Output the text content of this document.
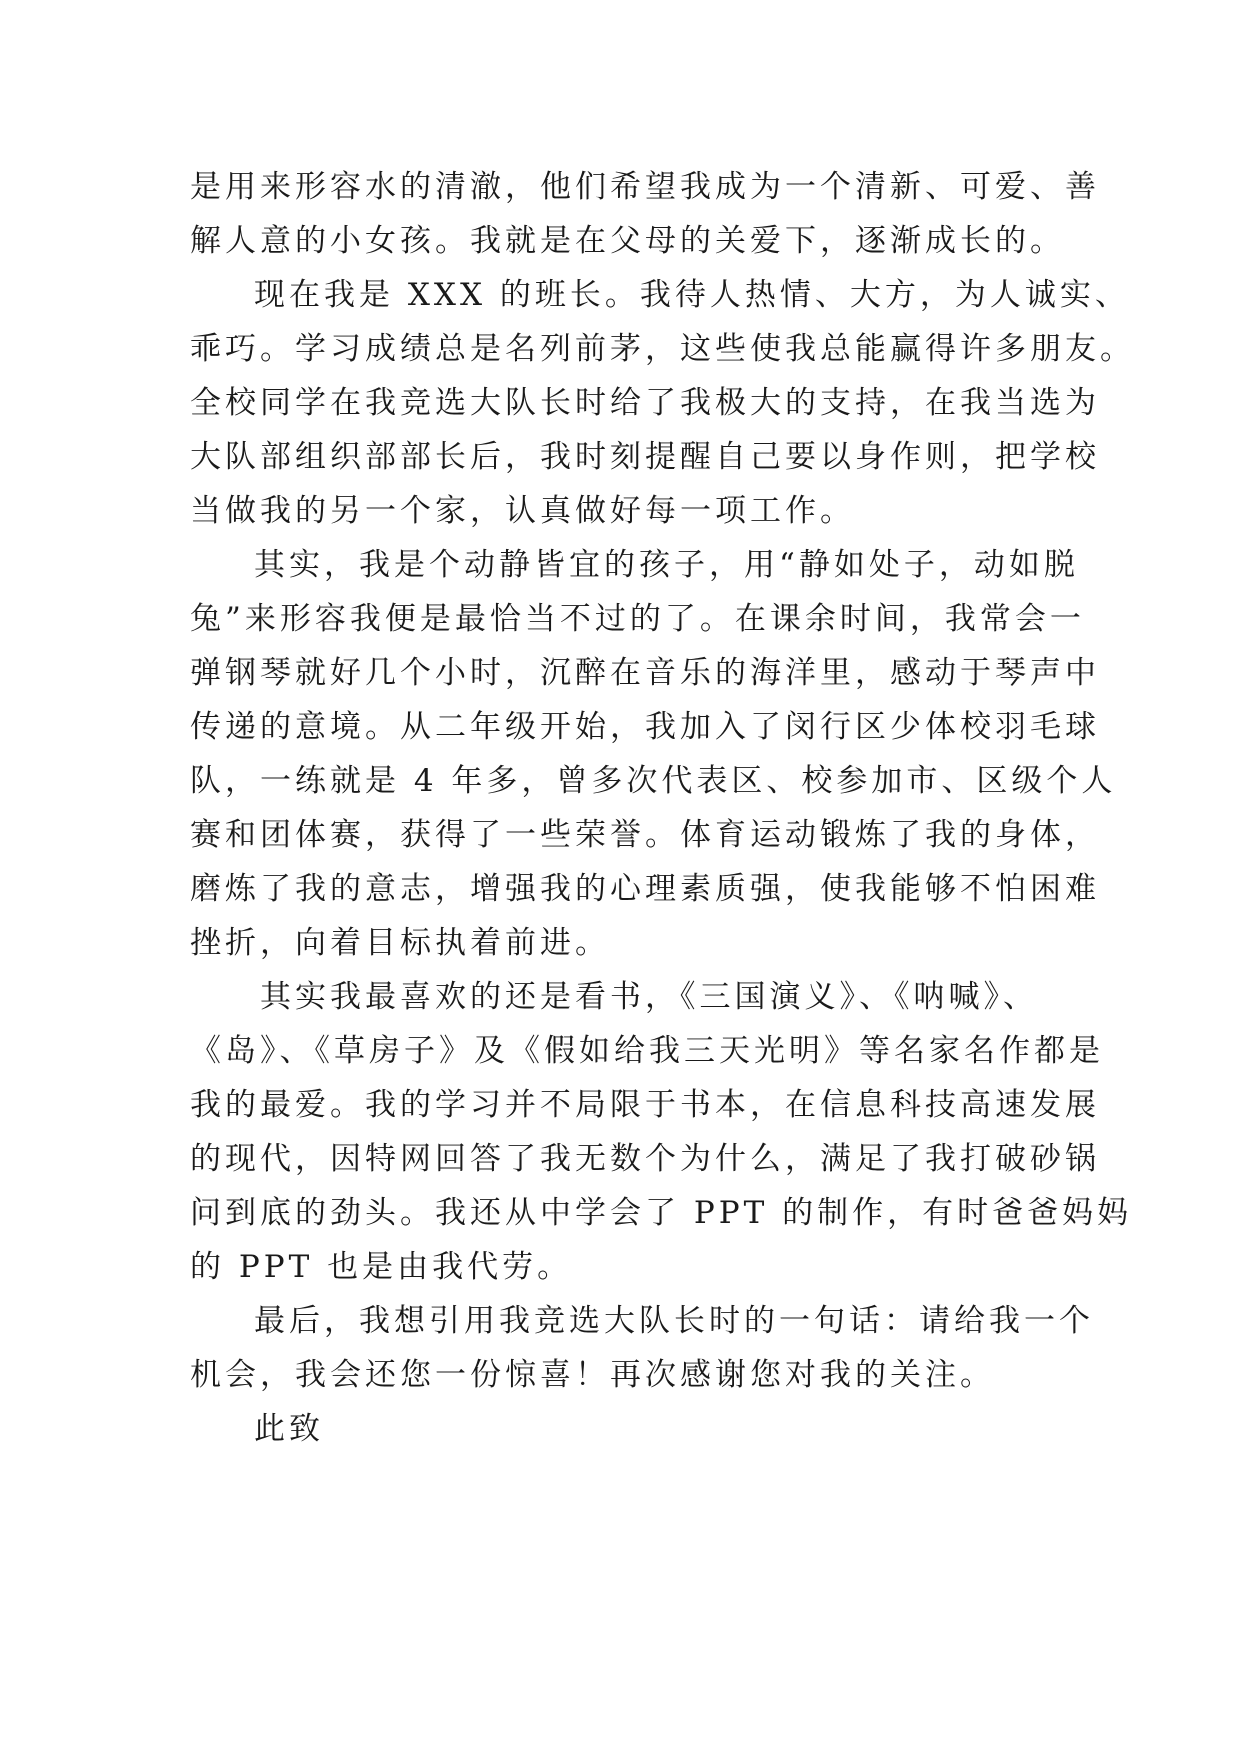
是用来形容水的清澈，他们希望我成为一个清新、可爱、善
解人意的小女孩。我就是在父母的关爱下，逐渐成长的。
现在我是 XXX 的班长。我待人热情、大方，为人诚实、
乖巧。学习成绩总是名列前茅，这些使我总能赢得许多朋友。
全校同学在我竞选大队长时给了我极大的支持，在我当选为
大队部组织部部长后，我时刻提醒自己要以身作则，把学校
当做我的另一个家，认真做好每一项工作。
其实，我是个动静皆宜的孩子，用“静如处子，动如脱
兔”来形容我便是最恰当不过的了。在课余时间，我常会一
弹钢琴就好几个小时，沉醉在音乐的海洋里，感动于琴声中
传递的意境。从二年级开始，我加入了闵行区少体校羽毛球
队，一练就是 4 年多，曾多次代表区、校参加市、区级个人
赛和团体赛，获得了一些荣誉。体育运动锻炼了我的身体，
磨炼了我的意志，增强我的心理素质强，使我能够不怕困难
挫折，向着目标执着前进。
其实我最喜欢的还是看书，《三国演义》、《呐喊》、
《岛》、《草房子》及《假如给我三天光明》等名家名作都是
我的最爱。我的学习并不局限于书本，在信息科技高速发展
的现代，因特网回答了我无数个为什么，满足了我打破砂锅
问到底的劲头。我还从中学会了 PPT 的制作，有时爸爸妈妈
的 PPT 也是由我代劳。
最后，我想引用我竞选大队长时的一句话：请给我一个
机会，我会还您一份惊喜！再次感谢您对我的关注。
此致
